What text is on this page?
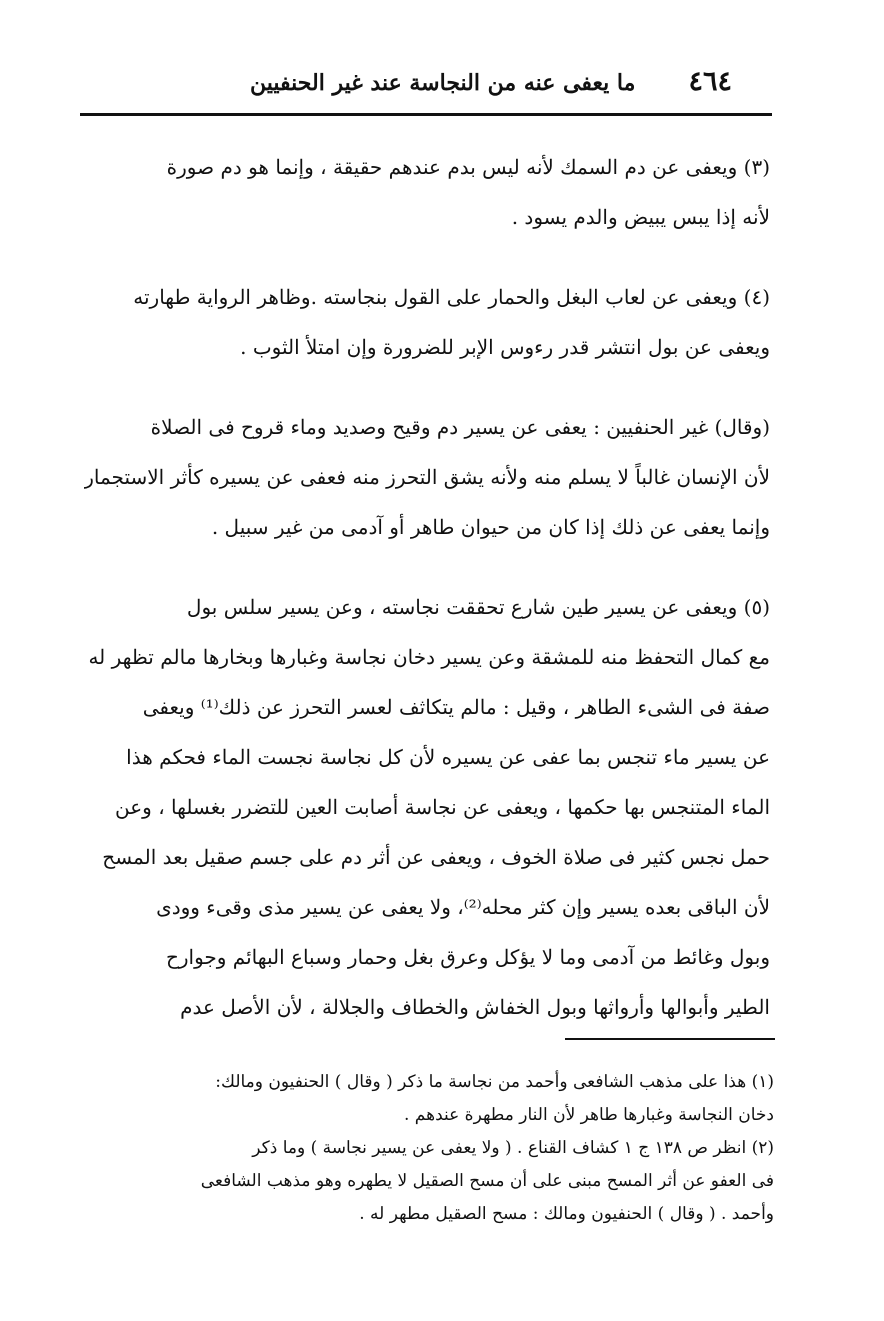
٤٦٤
ما يعفى عنه من النجاسة عند غير الحنفيين
(٣) ويعفى عن دم السمك لأنه ليس بدم عندهم حقيقة ، وإنما هو دم صورة
لأنه إذا يبس يبيض والدم يسود .
(٤) ويعفى عن لعاب البغل والحمار على القول بنجاسته .وظاهر الرواية طهارته
ويعفى عن بول انتشر قدر رءوس الإبر للضرورة وإن امتلأ الثوب .
(وقال) غير الحنفيين : يعفى عن يسير دم وقيح وصديد وماء قروح فى الصلاة
لأن الإنسان غالباً لا يسلم منه ولأنه يشق التحرز منه فعفى عن يسيره كأثر الاستجمار
وإنما يعفى عن ذلك إذا كان من حيوان طاهر أو آدمى من غير سبيل .
(٥) ويعفى عن يسير طين شارع تحققت نجاسته ، وعن يسير سلس بول
مع كمال التحفظ منه للمشقة وعن يسير دخان نجاسة وغبارها وبخارها مالم تظهر له
صفة فى الشىء الطاهر ، وقيل : مالم يتكاثف لعسر التحرز عن ذلك⁽¹⁾ ويعفى
عن يسير ماء تنجس بما عفى عن يسيره لأن كل نجاسة نجست الماء فحكم هذا
الماء المتنجس بها حكمها ، ويعفى عن نجاسة أصابت العين للتضرر بغسلها ، وعن
حمل نجس كثير فى صلاة الخوف ، ويعفى عن أثر دم على جسم صقيل بعد المسح
لأن الباقى بعده يسير وإن كثر محله⁽²⁾، ولا يعفى عن يسير مذى وقىء وودى
وبول وغائط من آدمى وما لا يؤكل وعرق بغل وحمار وسباع البهائم وجوارح
الطير وأبوالها وأرواثها وبول الخفاش والخطاف والجلالة ، لأن الأصل عدم
(١) هذا على مذهب الشافعى وأحمد من نجاسة ما ذكر ( وقال ) الحنفيون ومالك:
دخان النجاسة وغبارها طاهر لأن النار مطهرة عندهم .
(٢) انظر ص ١٣٨ ج ١ كشاف القناع . ( ولا يعفى عن يسير نجاسة ) وما ذكر
فى العفو عن أثر المسح مبنى على أن مسح الصقيل لا يطهره وهو مذهب الشافعى
وأحمد . ( وقال ) الحنفيون ومالك : مسح الصقيل مطهر له .
